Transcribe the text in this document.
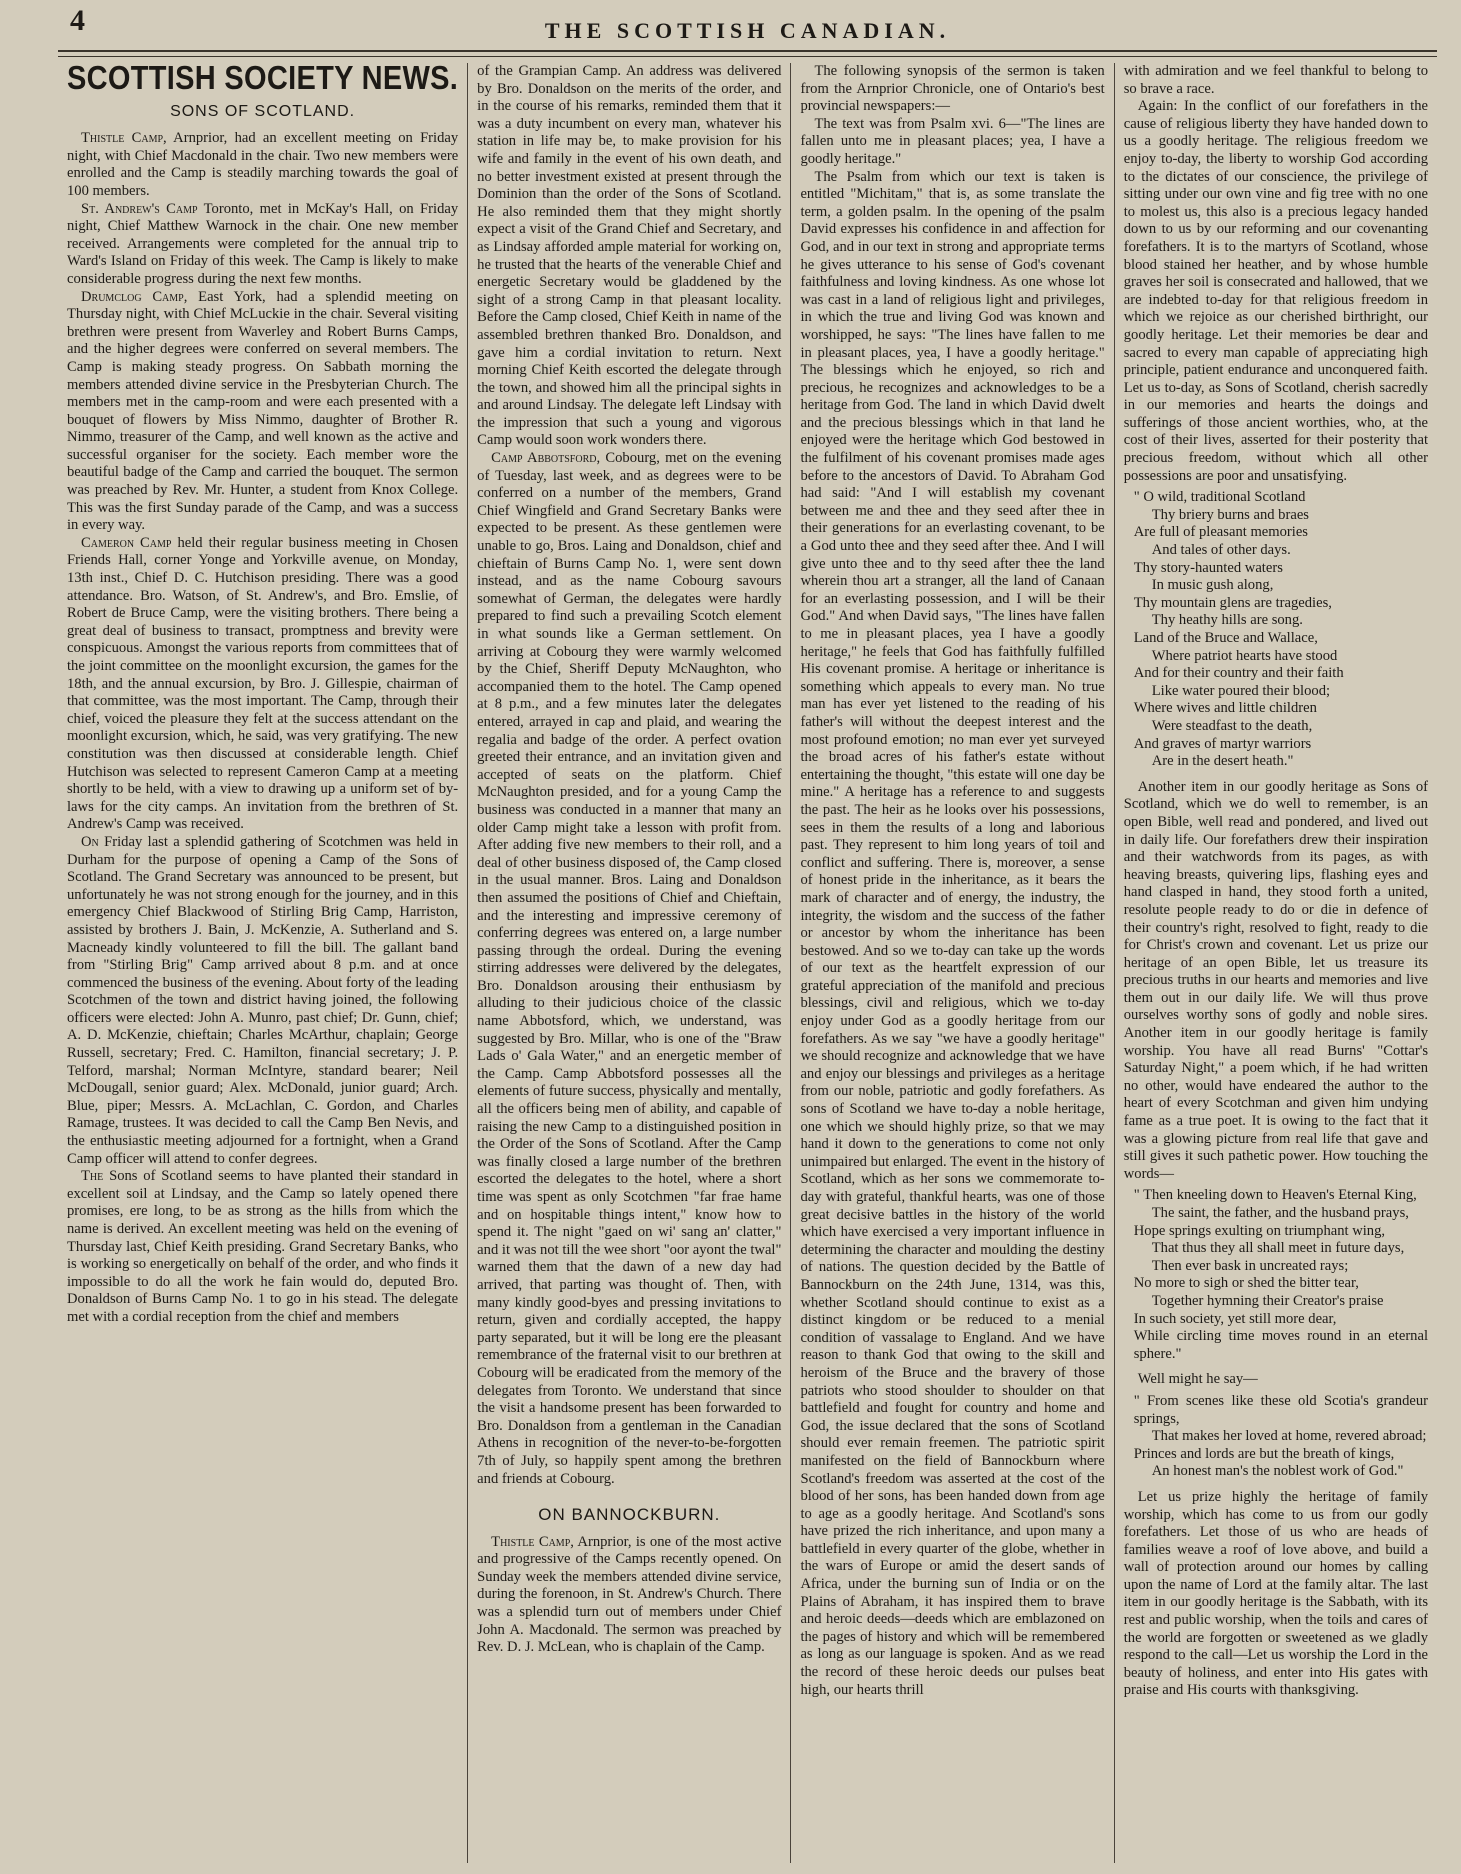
4	THE SCOTTISH CANADIAN.
SCOTTISH SOCIETY NEWS.
SONS OF SCOTLAND.

Thistle Camp, Arnprior, had an excellent meeting on Friday night, with Chief Macdonald in the chair. Two new members were enrolled and the Camp is steadily marching towards the goal of 100 members.

St. Andrew's Camp Toronto, met in McKay's Hall, on Friday night, Chief Matthew Warnock in the chair. One new member received. Arrangements were completed for the annual trip to Ward's Island on Friday of this week. The Camp is likely to make considerable progress during the next few months.

Drumclog Camp, East York, had a splendid meeting on Thursday night, with Chief McLuckie in the chair. Several visiting brethren were present from Waverley and Robert Burns Camps, and the higher degrees were conferred on several members. The Camp is making steady progress. On Sabbath morning the members attended divine service in the Presbyterian Church. The members met in the camp-room and were each presented with a bouquet of flowers by Miss Nimmo, daughter of Brother R. Nimmo, treasurer of the Camp, and well known as the active and successful organiser for the society. Each member wore the beautiful badge of the Camp and carried the bouquet. The sermon was preached by Rev. Mr. Hunter, a student from Knox College. This was the first Sunday parade of the Camp, and was a success in every way.

Cameron Camp held their regular business meeting in Chosen Friends Hall, corner Yonge and Yorkville avenue, on Monday, 13th inst., Chief D. C. Hutchison presiding. There was a good attendance. Bro. Watson, of St. Andrew's, and Bro. Emslie, of Robert de Bruce Camp, were the visiting brothers. There being a great deal of business to transact, promptness and brevity were conspicuous. Amongst the various reports from committees that of the joint committee on the moonlight excursion, the games for the 18th, and the annual excursion, by Bro. J. Gillespie, chairman of that committee, was the most important. The Camp, through their chief, voiced the pleasure they felt at the success attendant on the moonlight excursion, which, he said, was very gratifying. The new constitution was then discussed at considerable length. Chief Hutchison was selected to represent Cameron Camp at a meeting shortly to be held, with a view to drawing up a uniform set of by-laws for the city camps. An invitation from the brethren of St. Andrew's Camp was received.

On Friday last a splendid gathering of Scotchmen was held in Durham for the purpose of opening a Camp of the Sons of Scotland. The Grand Secretary was announced to be present, but unfortunately he was not strong enough for the journey, and in this emergency Chief Blackwood of Stirling Brig Camp, Harriston, assisted by brothers J. Bain, J. McKenzie, A. Sutherland and S. Macneady kindly volunteered to fill the bill. The gallant band from "Stirling Brig" Camp arrived about 8 p.m. and at once commenced the business of the evening. About forty of the leading Scotchmen of the town and district having joined, the following officers were elected: John A. Munro, past chief; Dr. Gunn, chief; A. D. McKenzie, chieftain; Charles McArthur, chaplain; George Russell, secretary; Fred. C. Hamilton, financial secretary; J. P. Telford, marshal; Norman McIntyre, standard bearer; Neil McDougall, senior guard; Alex. McDonald, junior guard; Arch. Blue, piper; Messrs. A. McLachlan, C. Gordon, and Charles Ramage, trustees. It was decided to call the Camp Ben Nevis, and the enthusiastic meeting adjourned for a fortnight, when a Grand Camp officer will attend to confer degrees.

The Sons of Scotland seems to have planted their standard in excellent soil at Lindsay, and the Camp so lately opened there promises, ere long, to be as strong as the hills from which the name is derived. An excellent meeting was held on the evening of Thursday last, Chief Keith presiding. Grand Secretary Banks, who is working so energetically on behalf of the order, and who finds it impossible to do all the work he fain would do, deputed Bro. Donaldson of Burns Camp No. 1 to go in his stead. The delegate met with a cordial reception from the chief and members

of the Grampian Camp. An address was delivered by Bro. Donaldson on the merits of the order, and in the course of his remarks, reminded them that it was a duty incumbent on every man, whatever his station in life may be, to make provision for his wife and family in the event of his own death, and no better investment existed at present through the Dominion than the order of the Sons of Scotland. He also reminded them that they might shortly expect a visit of the Grand Chief and Secretary, and as Lindsay afforded ample material for working on, he trusted that the hearts of the venerable Chief and energetic Secretary would be gladdened by the sight of a strong Camp in that pleasant locality. Before the Camp closed, Chief Keith in name of the assembled brethren thanked Bro. Donaldson, and gave him a cordial invitation to return. Next morning Chief Keith escorted the delegate through the town, and showed him all the principal sights in and around Lindsay. The delegate left Lindsay with the impression that such a young and vigorous Camp would soon work wonders there.

Camp Abbotsford, Cobourg, met on the evening of Tuesday, last week, and as degrees were to be conferred on a number of the members, Grand Chief Wingfield and Grand Secretary Banks were expected to be present. As these gentlemen were unable to go, Bros. Laing and Donaldson, chief and chieftain of Burns Camp No. 1, were sent down instead, and as the name Cobourg savours somewhat of German, the delegates were hardly prepared to find such a prevailing Scotch element in what sounds like a German settlement. On arriving at Cobourg they were warmly welcomed by the Chief, Sheriff Deputy McNaughton, who accompanied them to the hotel. The Camp opened at 8 p.m., and a few minutes later the delegates entered, arrayed in cap and plaid, and wearing the regalia and badge of the order. A perfect ovation greeted their entrance, and an invitation given and accepted of seats on the platform. Chief McNaughton presided, and for a young Camp the business was conducted in a manner that many an older Camp might take a lesson with profit from. After adding five new members to their roll, and a deal of other business disposed of, the Camp closed in the usual manner. Bros. Laing and Donaldson then assumed the positions of Chief and Chieftain, and the interesting and impressive ceremony of conferring degrees was entered on, a large number passing through the ordeal. During the evening stirring addresses were delivered by the delegates, Bro. Donaldson arousing their enthusiasm by alluding to their judicious choice of the classic name Abbotsford, which, we understand, was suggested by Bro. Millar, who is one of the "Braw Lads o' Gala Water," and an energetic member of the Camp. Camp Abbotsford possesses all the elements of future success, physically and mentally, all the officers being men of ability, and capable of raising the new Camp to a distinguished position in the Order of the Sons of Scotland. After the Camp was finally closed a large number of the brethren escorted the delegates to the hotel, where a short time was spent as only Scotchmen "far frae hame and on hospitable things intent," know how to spend it. The night "gaed on wi' sang an' clatter," and it was not till the wee short "oor ayont the twal" warned them that the dawn of a new day had arrived, that parting was thought of. Then, with many kindly good-byes and pressing invitations to return, given and cordially accepted, the happy party separated, but it will be long ere the pleasant remembrance of the fraternal visit to our brethren at Cobourg will be eradicated from the memory of the delegates from Toronto. We understand that since the visit a handsome present has been forwarded to Bro. Donaldson from a gentleman in the Canadian Athens in recognition of the never-to-be-forgotten 7th of July, so happily spent among the brethren and friends at Cobourg.

ON BANNOCKBURN.

Thistle Camp, Arnprior, is one of the most active and progressive of the Camps recently opened. On Sunday week the members attended divine service, during the forenoon, in St. Andrew's Church. There was a splendid turn out of members under Chief John A. Macdonald. The sermon was preached by Rev. D. J. McLean, who is chaplain of the Camp.

The following synopsis of the sermon is taken from the Arnprior Chronicle, one of Ontario's best provincial newspapers:—

The text was from Psalm xvi. 6—"The lines are fallen unto me in pleasant places; yea, I have a goodly heritage."

The Psalm from which our text is taken is entitled "Michitam," that is, as some translate the term, a golden psalm. In the opening of the psalm David expresses his confidence in and affection for God, and in our text in strong and appropriate terms he gives utterance to his sense of God's covenant faithfulness and loving kindness. As one whose lot was cast in a land of religious light and privileges, in which the true and living God was known and worshipped, he says: "The lines have fallen to me in pleasant places, yea, I have a goodly heritage." The blessings which he enjoyed, so rich and precious, he recognizes and acknowledges to be a heritage from God. The land in which David dwelt and the precious blessings which in that land he enjoyed were the heritage which God bestowed in the fulfilment of his covenant promises made ages before to the ancestors of David. To Abraham God had said: "And I will establish my covenant between me and thee and they seed after thee in their generations for an everlasting covenant, to be a God unto thee and they seed after thee. And I will give unto thee and to thy seed after thee the land wherein thou art a stranger, all the land of Canaan for an everlasting possession, and I will be their God." And when David says, "The lines have fallen to me in pleasant places, yea I have a goodly heritage," he feels that God has faithfully fulfilled His covenant promise. A heritage or inheritance is something which appeals to every man. No true man has ever yet listened to the reading of his father's will without the deepest interest and the most profound emotion; no man ever yet surveyed the broad acres of his father's estate without entertaining the thought, "this estate will one day be mine." A heritage has a reference to and suggests the past. The heir as he looks over his possessions, sees in them the results of a long and laborious past. They represent to him long years of toil and conflict and suffering. There is, moreover, a sense of honest pride in the inheritance, as it bears the mark of character and of energy, the industry, the integrity, the wisdom and the success of the father or ancestor by whom the inheritance has been bestowed. And so we to-day can take up the words of our text as the heartfelt expression of our grateful appreciation of the manifold and precious blessings, civil and religious, which we to-day enjoy under God as a goodly heritage from our forefathers. As we say "we have a goodly heritage" we should recognize and acknowledge that we have and enjoy our blessings and privileges as a heritage from our noble, patriotic and godly forefathers. As sons of Scotland we have to-day a noble heritage, one which we should highly prize, so that we may hand it down to the generations to come not only unimpaired but enlarged. The event in the history of Scotland, which as her sons we commemorate to-day with grateful, thankful hearts, was one of those great decisive battles in the history of the world which have exercised a very important influence in determining the character and moulding the destiny of nations. The question decided by the Battle of Bannockburn on the 24th June, 1314, was this, whether Scotland should continue to exist as a distinct kingdom or be reduced to a menial condition of vassalage to England. And we have reason to thank God that owing to the skill and heroism of the Bruce and the bravery of those patriots who stood shoulder to shoulder on that battlefield and fought for country and home and God, the issue declared that the sons of Scotland should ever remain freemen. The patriotic spirit manifested on the field of Bannockburn where Scotland's freedom was asserted at the cost of the blood of her sons, has been handed down from age to age as a goodly heritage. And Scotland's sons have prized the rich inheritance, and upon many a battlefield in every quarter of the globe, whether in the wars of Europe or amid the desert sands of Africa, under the burning sun of India or on the Plains of Abraham, it has inspired them to brave and heroic deeds—deeds which are emblazoned on the pages of history and which will be remembered as long as our language is spoken. And as we read the record of these heroic deeds our pulses beat high, our hearts thrill

with admiration and we feel thankful to belong to so brave a race.

Again: In the conflict of our forefathers in the cause of religious liberty they have handed down to us a goodly heritage. The religious freedom we enjoy to-day, the liberty to worship God according to the dictates of our conscience, the privilege of sitting under our own vine and fig tree with no one to molest us, this also is a precious legacy handed down to us by our reforming and our covenanting forefathers. It is to the martyrs of Scotland, whose blood stained her heather, and by whose humble graves her soil is consecrated and hallowed, that we are indebted to-day for that religious freedom in which we rejoice as our cherished birthright, our goodly heritage. Let their memories be dear and sacred to every man capable of appreciating high principle, patient endurance and unconquered faith. Let us to-day, as Sons of Scotland, cherish sacredly in our memories and hearts the doings and sufferings of those ancient worthies, who, at the cost of their lives, asserted for their posterity that precious freedom, without which all other possessions are poor and unsatisfying.

" O wild, traditional Scotland
Thy briery burns and braes
Are full of pleasant memories
And tales of other days.
Thy story-haunted waters
In music gush along,
Thy mountain glens are tragedies,
Thy heathy hills are song.
Land of the Bruce and Wallace,
Where patriot hearts have stood
And for their country and their faith
Like water poured their blood;
Where wives and little children
Were steadfast to the death,
And graves of martyr warriors
Are in the desert heath."

Another item in our goodly heritage as Sons of Scotland, which we do well to remember, is an open Bible, well read and pondered, and lived out in daily life. Our forefathers drew their inspiration and their watchwords from its pages, as with heaving breasts, quivering lips, flashing eyes and hand clasped in hand, they stood forth a united, resolute people ready to do or die in defence of their country's right, resolved to fight, ready to die for Christ's crown and covenant. Let us prize our heritage of an open Bible, let us treasure its precious truths in our hearts and memories and live them out in our daily life. We will thus prove ourselves worthy sons of godly and noble sires. Another item in our goodly heritage is family worship. You have all read Burns' "Cottar's Saturday Night," a poem which, if he had written no other, would have endeared the author to the heart of every Scotchman and given him undying fame as a true poet. It is owing to the fact that it was a glowing picture from real life that gave and still gives it such pathetic power. How touching the words—

" Then kneeling down to Heaven's Eternal King,
The saint, the father, and the husband prays,
Hope springs exulting on triumphant wing,
That thus they all shall meet in future days,
Then ever bask in uncreated rays;
No more to sigh or shed the bitter tear,
Together hymning their Creator's praise
In such society, yet still more dear,
While circling time moves round in an eternal sphere."

Well might he say—

" From scenes like these old Scotia's grandeur springs,
That makes her loved at home, revered abroad;
Princes and lords are but the breath of kings,
An honest man's the noblest work of God."

Let us prize highly the heritage of family worship, which has come to us from our godly forefathers. Let those of us who are heads of families weave a roof of love above, and build a wall of protection around our homes by calling upon the name of Lord at the family altar. The last item in our goodly heritage is the Sabbath, with its rest and public worship, when the toils and cares of the world are forgotten or sweetened as we gladly respond to the call—Let us worship the Lord in the beauty of holiness, and enter into His gates with praise and His courts with thanksgiving.
